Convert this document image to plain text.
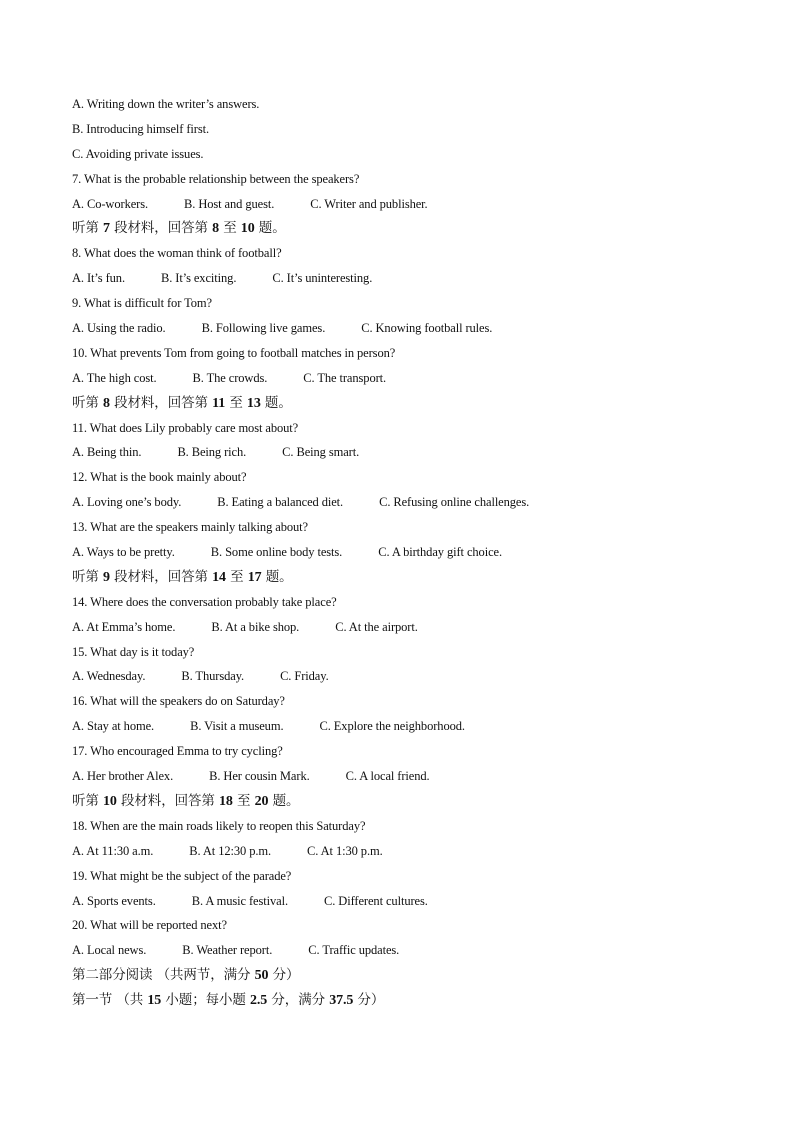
A. Writing down the writer’s answers.
B. Introducing himself first.
C. Avoiding private issues.
7. What is the probable relationship between the speakers?
A. Co-workers.	B. Host and guest.	C. Writer and publisher.
听第 7 段材料，回答第 8 至 10 题。
8. What does the woman think of football?
A. It’s fun.	B. It’s exciting.	C. It’s uninteresting.
9. What is difficult for Tom?
A. Using the radio.	B. Following live games.	C. Knowing football rules.
10. What prevents Tom from going to football matches in person?
A. The high cost.	B. The crowds.	C. The transport.
听第 8 段材料，回答第 11 至 13 题。
11. What does Lily probably care most about?
A. Being thin.	B. Being rich.	C. Being smart.
12. What is the book mainly about?
A. Loving one’s body.	B. Eating a balanced diet.	C. Refusing online challenges.
13. What are the speakers mainly talking about?
A. Ways to be pretty.	B. Some online body tests.	C. A birthday gift choice.
听第 9 段材料，回答第 14 至 17 题。
14. Where does the conversation probably take place?
A. At Emma’s home.	B. At a bike shop.	C. At the airport.
15. What day is it today?
A. Wednesday.	B. Thursday.	C. Friday.
16. What will the speakers do on Saturday?
A. Stay at home.	B. Visit a museum.	C. Explore the neighborhood.
17. Who encouraged Emma to try cycling?
A. Her brother Alex.	B. Her cousin Mark.	C. A local friend.
听第 10 段材料，回答第 18 至 20 题。
18. When are the main roads likely to reopen this Saturday?
A. At 11:30 a.m.	B. At 12:30 p.m.	C. At 1:30 p.m.
19. What might be the subject of the parade?
A. Sports events.	B. A music festival.	C. Different cultures.
20. What will be reported next?
A. Local news.	B. Weather report.	C. Traffic updates.
第二部分阅读 （共两节，满分 50 分）
第一节 （共 15 小题；每小题 2.5 分，满分 37.5 分）
